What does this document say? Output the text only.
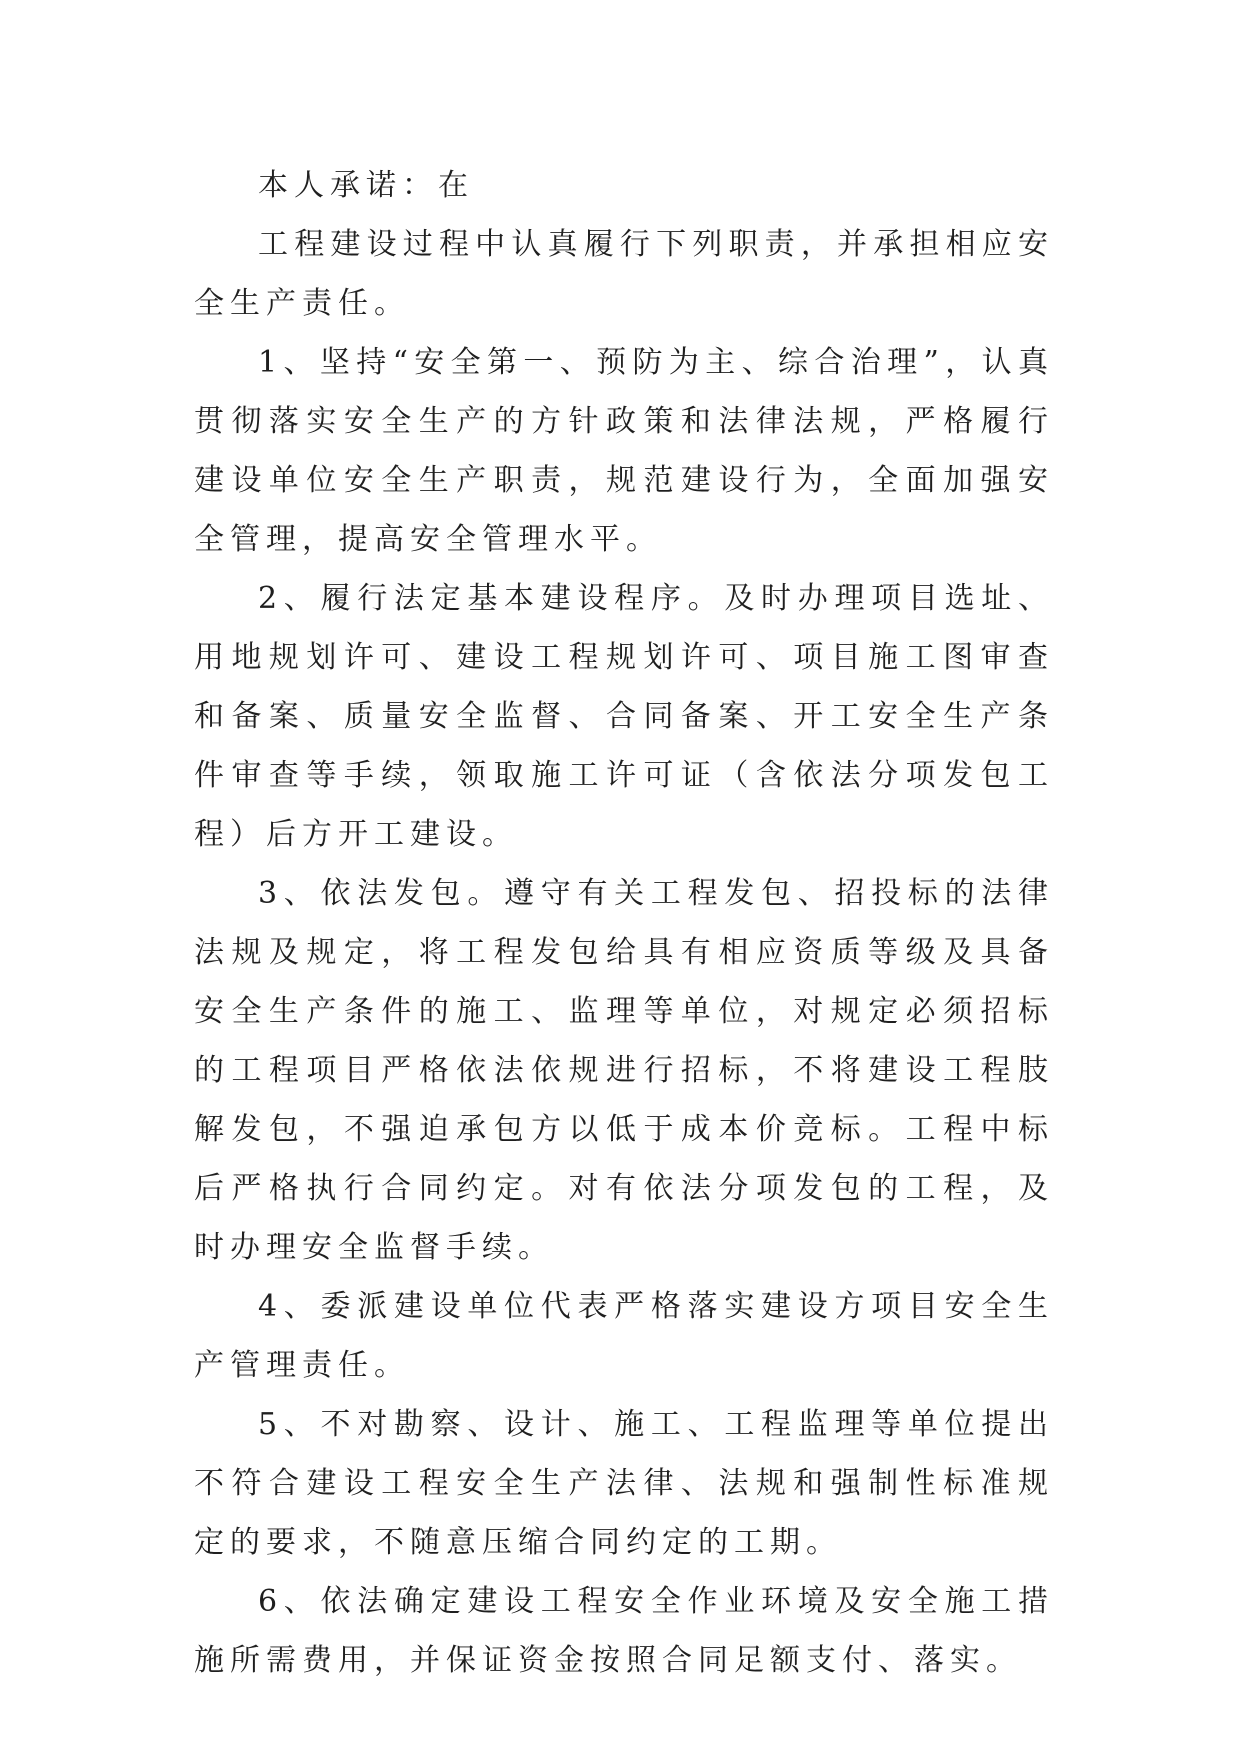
本人承诺：在

工程建设过程中认真履行下列职责，并承担相应安全生产责任。

1、坚持“安全第一、预防为主、综合治理”，认真贯彻落实安全生产的方针政策和法律法规，严格履行建设单位安全生产职责，规范建设行为，全面加强安全管理，提高安全管理水平。

2、履行法定基本建设程序。及时办理项目选址、用地规划许可、建设工程规划许可、项目施工图审查和备案、质量安全监督、合同备案、开工安全生产条件审查等手续，领取施工许可证（含依法分项发包工程）后方开工建设。

3、依法发包。遵守有关工程发包、招投标的法律法规及规定，将工程发包给具有相应资质等级及具备安全生产条件的施工、监理等单位，对规定必须招标的工程项目严格依法依规进行招标，不将建设工程肢解发包，不强迫承包方以低于成本价竞标。工程中标后严格执行合同约定。对有依法分项发包的工程，及时办理安全监督手续。

4、委派建设单位代表严格落实建设方项目安全生产管理责任。

5、不对勘察、设计、施工、工程监理等单位提出不符合建设工程安全生产法律、法规和强制性标准规定的要求，不随意压缩合同约定的工期。

6、依法确定建设工程安全作业环境及安全施工措施所需费用，并保证资金按照合同足额支付、落实。
